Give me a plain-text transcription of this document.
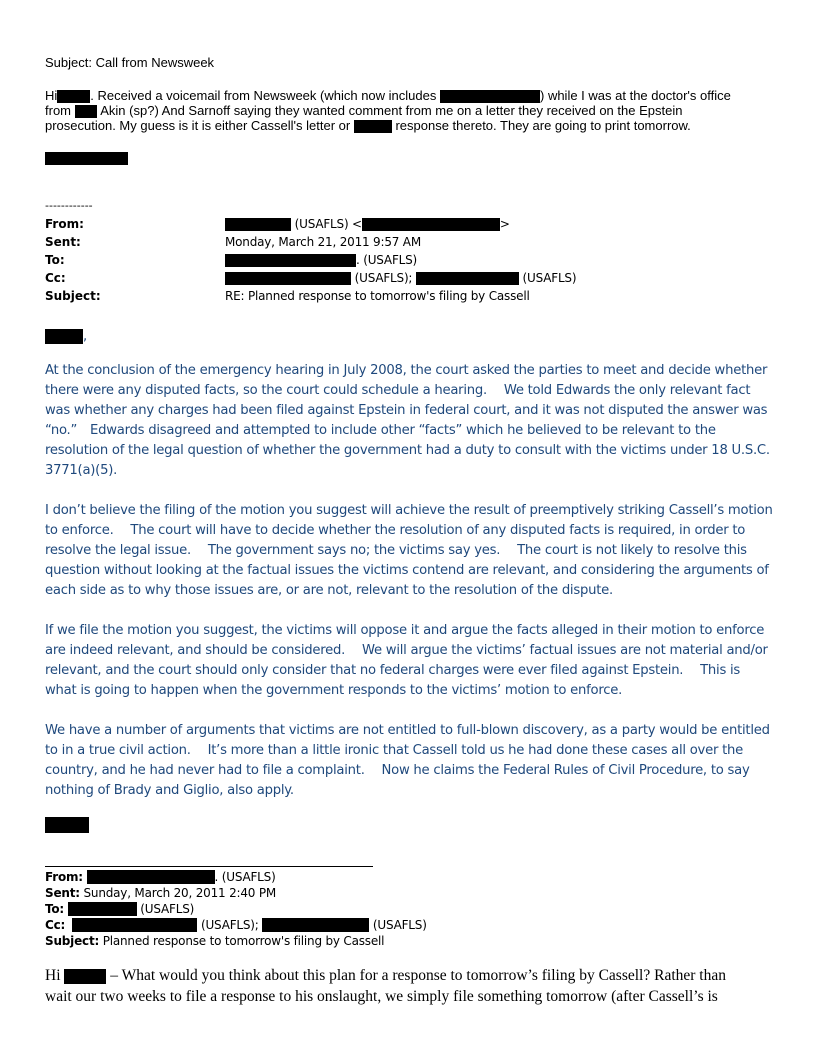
Subject: Call from Newsweek
Hi	. Received a voicemail from Newsweek (which now includes	) while I was at the doctor's office
from Akin (sp?) And Sarnoff saying they wanted comment from me on a letter they received on the Epstein
prosecution. My guess is it is either Cassell's letter or	response thereto. They are going to print tomorrow.
------------
From:	(USAFLS) <	>
Sent:	Monday, March 21, 2011 9:57 AM
To:	. (USAFLS)
Cc:	(USAFLS);	(USAFLS)
Subject:	RE: Planned response to tomorrow's filing by Cassell
,

At the conclusion of the emergency hearing in July 2008, the court asked the parties to meet and decide whether there were any disputed facts, so the court could schedule a hearing.  We told Edwards the only relevant fact was whether any charges had been filed against Epstein in federal court, and it was not disputed the answer was “no.” Edwards disagreed and attempted to include other “facts” which he believed to be relevant to the resolution of the legal question of whether the government had a duty to consult with the victims under 18 U.S.C. 3771(a)(5).

I don’t believe the filing of the motion you suggest will achieve the result of preemptively striking Cassell’s motion to enforce.  The court will have to decide whether the resolution of any disputed facts is required, in order to resolve the legal issue.  The government says no; the victims say yes.  The court is not likely to resolve this question without looking at the factual issues the victims contend are relevant, and considering the arguments of each side as to why those issues are, or are not, relevant to the resolution of the dispute.

If we file the motion you suggest, the victims will oppose it and argue the facts alleged in their motion to enforce are indeed relevant, and should be considered.  We will argue the victims’ factual issues are not material and/or relevant, and the court should only consider that no federal charges were ever filed against Epstein.  This is what is going to happen when the government responds to the victims’ motion to enforce.

We have a number of arguments that victims are not entitled to full-blown discovery, as a party would be entitled to in a true civil action.  It’s more than a little ironic that Cassell told us he had done these cases all over the country, and he had never had to file a complaint.  Now he claims the Federal Rules of Civil Procedure, to say nothing of Brady and Giglio, also apply.

From:	. (USAFLS)
Sent: Sunday, March 20, 2011 2:40 PM
To:	(USAFLS)
Cc:	(USAFLS);	(USAFLS)
Subject: Planned response to tomorrow's filing by Cassell
Hi	– What would you think about this plan for a response to tomorrow’s filing by Cassell? Rather than
wait our two weeks to file a response to his onslaught, we simply file something tomorrow (after Cassell’s is
